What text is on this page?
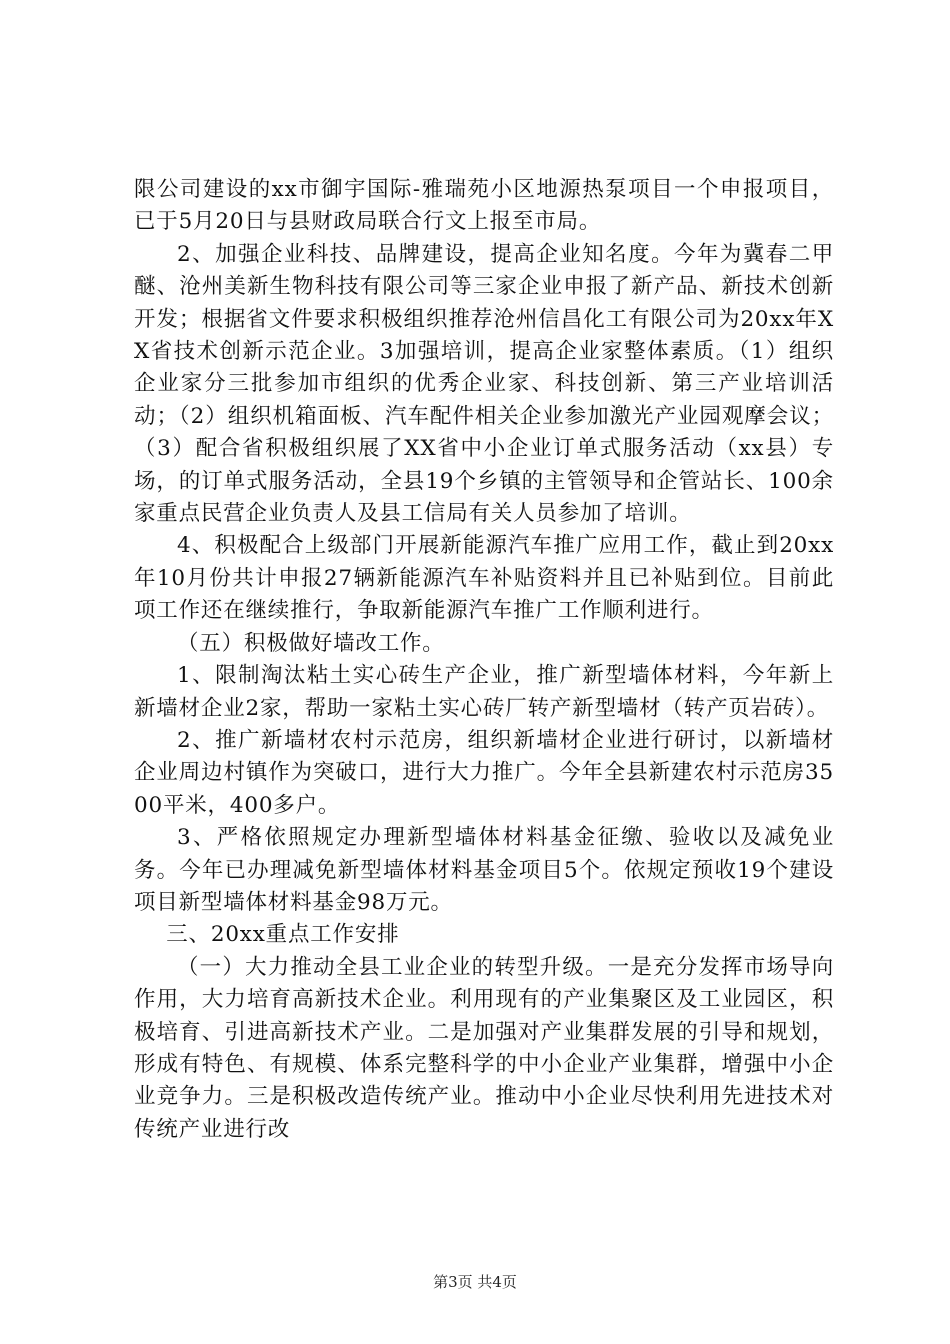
限公司建设的xx市御宇国际-雅瑞苑小区地源热泵项目一个申报项目，已于5月20日与县财政局联合行文上报至市局。

2、加强企业科技、品牌建设，提高企业知名度。今年为冀春二甲醚、沧州美新生物科技有限公司等三家企业申报了新产品、新技术创新开发；根据省文件要求积极组织推荐沧州信昌化工有限公司为20xx年XX省技术创新示范企业。3加强培训，提高企业家整体素质。（1）组织企业家分三批参加市组织的优秀企业家、科技创新、第三产业培训活动；（2）组织机箱面板、汽车配件相关企业参加激光产业园观摩会议；（3）配合省积极组织展了XX省中小企业订单式服务活动（xx县）专场，的订单式服务活动，全县19个乡镇的主管领导和企管站长、100余家重点民营企业负责人及县工信局有关人员参加了培训。

4、积极配合上级部门开展新能源汽车推广应用工作，截止到20xx年10月份共计申报27辆新能源汽车补贴资料并且已补贴到位。目前此项工作还在继续推行，争取新能源汽车推广工作顺利进行。

（五）积极做好墙改工作。

1、限制淘汰粘土实心砖生产企业，推广新型墙体材料，今年新上新墙材企业2家，帮助一家粘土实心砖厂转产新型墙材（转产页岩砖）。

2、推广新墙材农村示范房，组织新墙材企业进行研讨，以新墙材企业周边村镇作为突破口，进行大力推广。今年全县新建农村示范房3500平米，400多户。

3、严格依照规定办理新型墙体材料基金征缴、验收以及减免业务。今年已办理减免新型墙体材料基金项目5个。依规定预收19个建设项目新型墙体材料基金98万元。

三、20xx重点工作安排

（一）大力推动全县工业企业的转型升级。一是充分发挥市场导向作用，大力培育高新技术企业。利用现有的产业集聚区及工业园区，积极培育、引进高新技术产业。二是加强对产业集群发展的引导和规划，形成有特色、有规模、体系完整科学的中小企业产业集群，增强中小企业竞争力。三是积极改造传统产业。推动中小企业尽快利用先进技术对传统产业进行改

第3页 共4页
